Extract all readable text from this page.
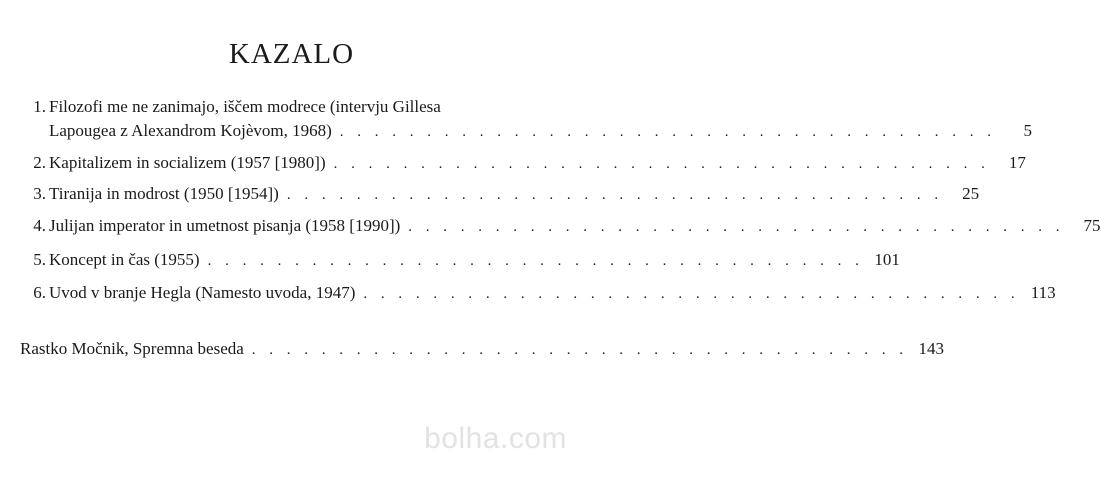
KAZALO
1. Filozofi me ne zanimajo, iščem modrece (intervju Gillesa
Lapougea z Alexandrom Kojèvom, 1968) . . . . . . . . . . . . . . . . . . . . . . . . . . . . . . . . . . . . . .	5
2. Kapitalizem in socializem (1957 [1980]) . . . . . . . . . . . . . . . . . . . . . . . . . . . . . . . . . . . . . .	17
3. Tiranija in modrost (1950 [1954]) . . . . . . . . . . . . . . . . . . . . . . . . . . . . . . . . . . . . . .	25
4. Julijan imperator in umetnost pisanja (1958 [1990]) . . . . . . . . . . . . . . . . . . . . . . . . . . . . . . . . . . . . . .	75
5. Koncept in čas (1955) . . . . . . . . . . . . . . . . . . . . . . . . . . . . . . . . . . . . . . 101
6. Uvod v branje Hegla (Namesto uvoda, 1947) . . . . . . . . . . . . . . . . . . . . . . . . . . . . . . . . . . . . . . 113
Rastko Močnik, Spremna beseda . . . . . . . . . . . . . . . . . . . . . . . . . . . . . . . . . . . . . . 143
bolha.com
